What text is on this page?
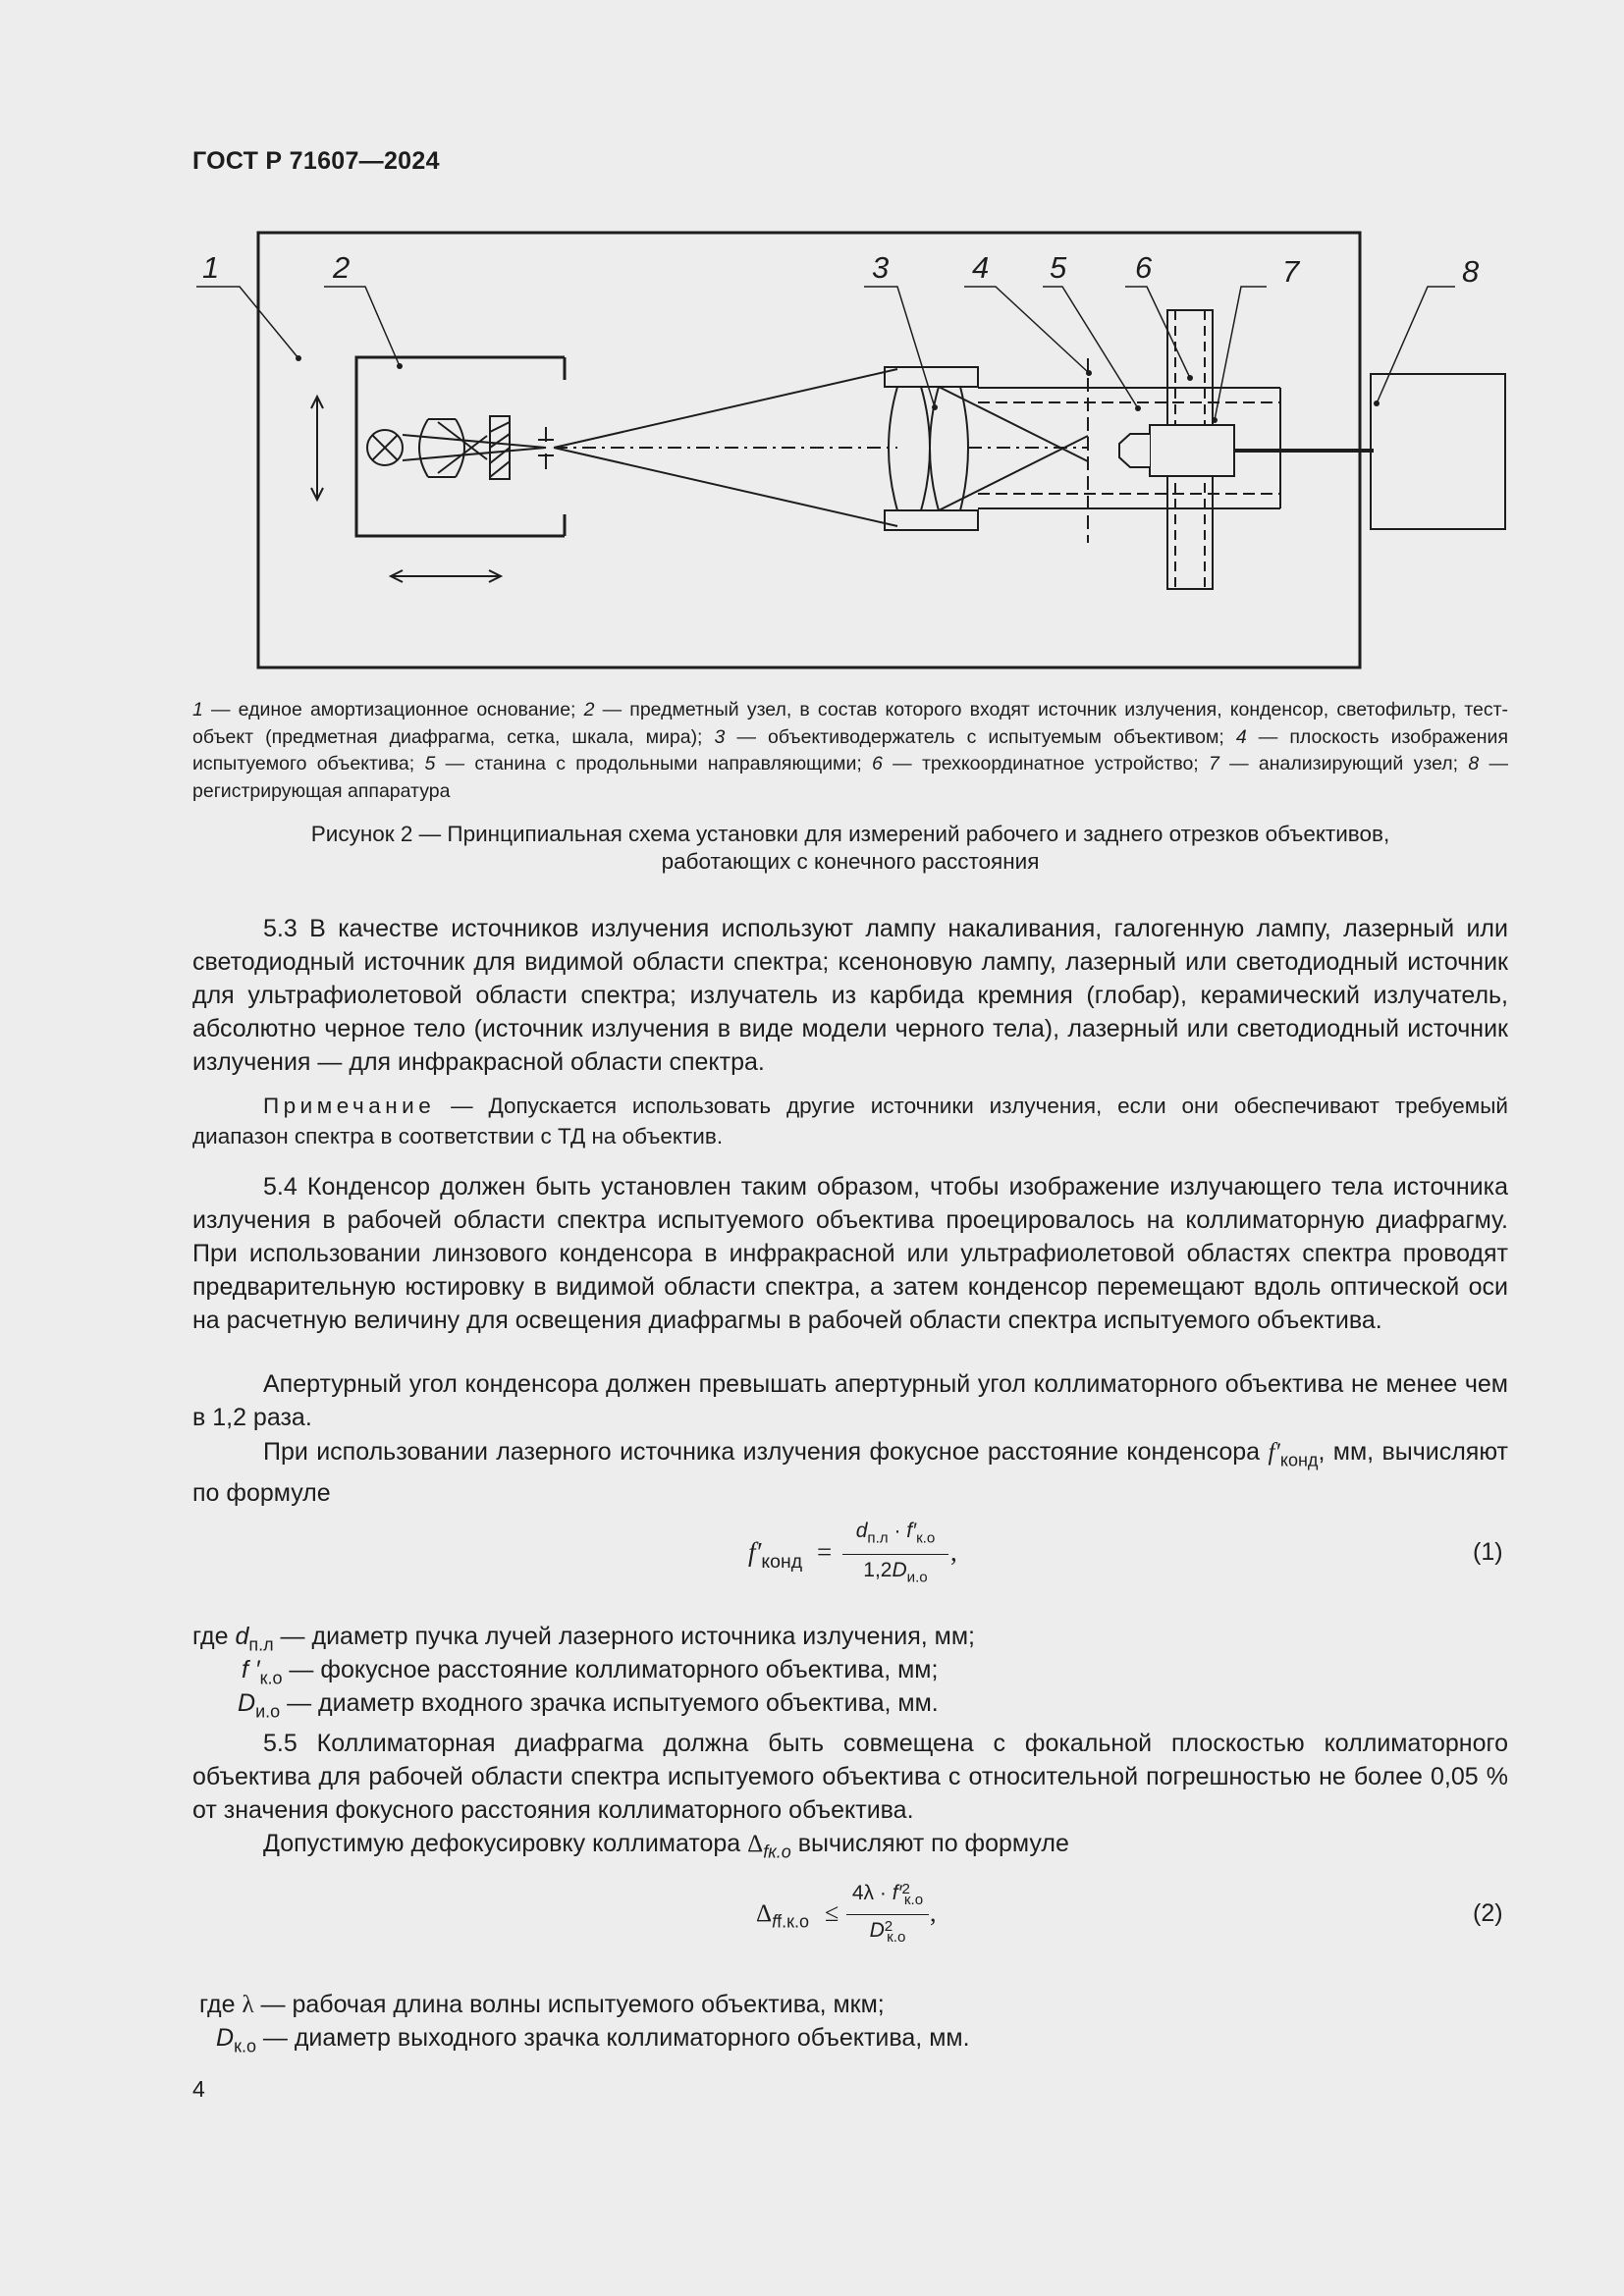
ГОСТ Р 71607—2024
1	2	3	4 5 6	7	8
1 — единое амортизационное основание; 2 — предметный узел, в состав которого входят источник излучения, конденсор, светофильтр, тест-объект (предметная диафрагма, сетка, шкала, мира); 3 — объективодержатель с испытуемым объективом; 4 — плоскость изображения испытуемого объектива; 5 — станина с продольными направляющими; 6 — трехкоординатное устройство; 7 — анализирующий узел; 8 — регистрирующая аппаратура
Рисунок 2 — Принципиальная схема установки для измерений рабочего и заднего отрезков объективов,
работающих с конечного расстояния
5.3 В качестве источников излучения используют лампу накаливания, галогенную лампу, лазерный или светодиодный источник для видимой области спектра; ксеноновую лампу, лазерный или светодиодный источник для ультрафиолетовой области спектра; излучатель из карбида кремния (глобар), керамический излучатель, абсолютно черное тело (источник излучения в виде модели черного тела), лазерный или светодиодный источник излучения — для инфракрасной области спектра.
Примечание — Допускается использовать другие источники излучения, если они обеспечивают требуемый диапазон спектра в соответствии с ТД на объектив.
5.4 Конденсор должен быть установлен таким образом, чтобы изображение излучающего тела источника излучения в рабочей области спектра испытуемого объектива проецировалось на коллиматорную диафрагму. При использовании линзового конденсора в инфракрасной или ультрафиолетовой областях спектра проводят предварительную юстировку в видимой области спектра, а затем конденсор перемещают вдоль оптической оси на расчетную величину для освещения диафрагмы в рабочей области спектра испытуемого объектива.
Апертурный угол конденсора должен превышать апертурный угол коллиматорного объектива не менее чем в 1,2 раза.
При использовании лазерного источника излучения фокусное расстояние конденсора $f'_{конд}$, мм, вычисляют по формуле
$f'_{конд}$ =
$d_{п.л} \cdot f'_{к.о}$
$1,2D_{и.о}$
,	(1)
где $d_{п.л}$ — диаметр пучка лучей лазерного источника излучения, мм;
f $'_{к.о}$ — фокусное расстояние коллиматорного объектива, мм;
$D_{и.о}$ — диаметр входного зрачка испытуемого объектива, мм.
5.5 Коллиматорная диафрагма должна быть совмещена с фокальной плоскостью коллиматорного объектива для рабочей области спектра испытуемого объектива с относительной погрешностью не более 0,05 % от значения фокусного расстояния коллиматорного объектива.
Допустимую дефокусировку коллиматора $\Delta_{fк.о}$ вычисляют по формуле
$\Delta_{ff.к.о}$ ≤
$4\lambda \cdot f'^2_{к.о}$
$D^2_{к.о}$
,	(2)
где λ — рабочая длина волны испытуемого объектива, мкм;
$D_{к.о}$ — диаметр выходного зрачка коллиматорного объектива, мм.
4
